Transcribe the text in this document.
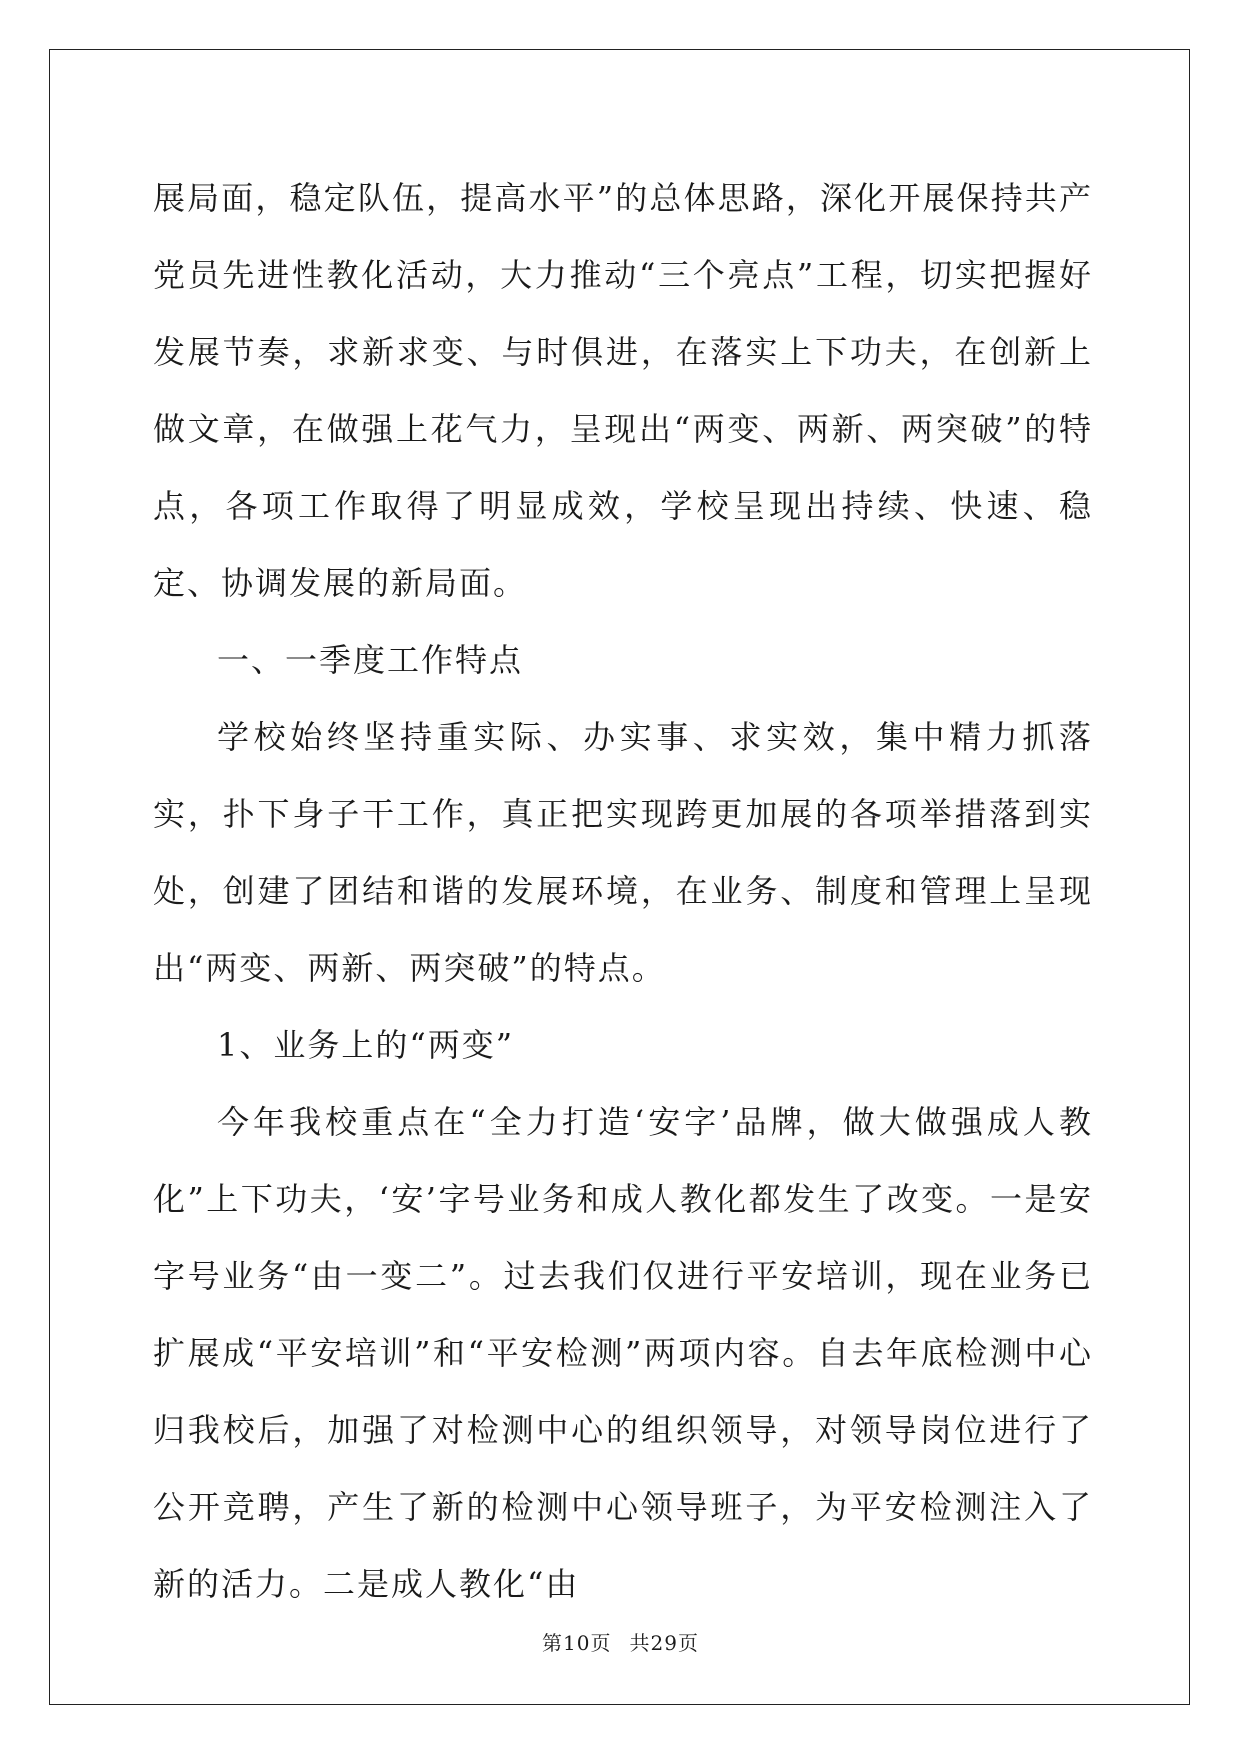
展局面，稳定队伍，提高水平”的总体思路，深化开展保持共产党员先进性教化活动，大力推动“三个亮点”工程，切实把握好发展节奏，求新求变、与时俱进，在落实上下功夫，在创新上做文章，在做强上花气力，呈现出“两变、两新、两突破”的特点，各项工作取得了明显成效，学校呈现出持续、快速、稳定、协调发展的新局面。

一、一季度工作特点

学校始终坚持重实际、办实事、求实效，集中精力抓落实，扑下身子干工作，真正把实现跨更加展的各项举措落到实处，创建了团结和谐的发展环境，在业务、制度和管理上呈现出“两变、两新、两突破”的特点。

1、业务上的“两变”

今年我校重点在“全力打造‘安字’品牌，做大做强成人教化”上下功夫，‘安’字号业务和成人教化都发生了改变。一是安字号业务“由一变二”。过去我们仅进行平安培训，现在业务已扩展成“平安培训”和“平安检测”两项内容。自去年底检测中心归我校后，加强了对检测中心的组织领导，对领导岗位进行了公开竞聘，产生了新的检测中心领导班子，为平安检测注入了新的活力。二是成人教化“由

第10页 共29页
